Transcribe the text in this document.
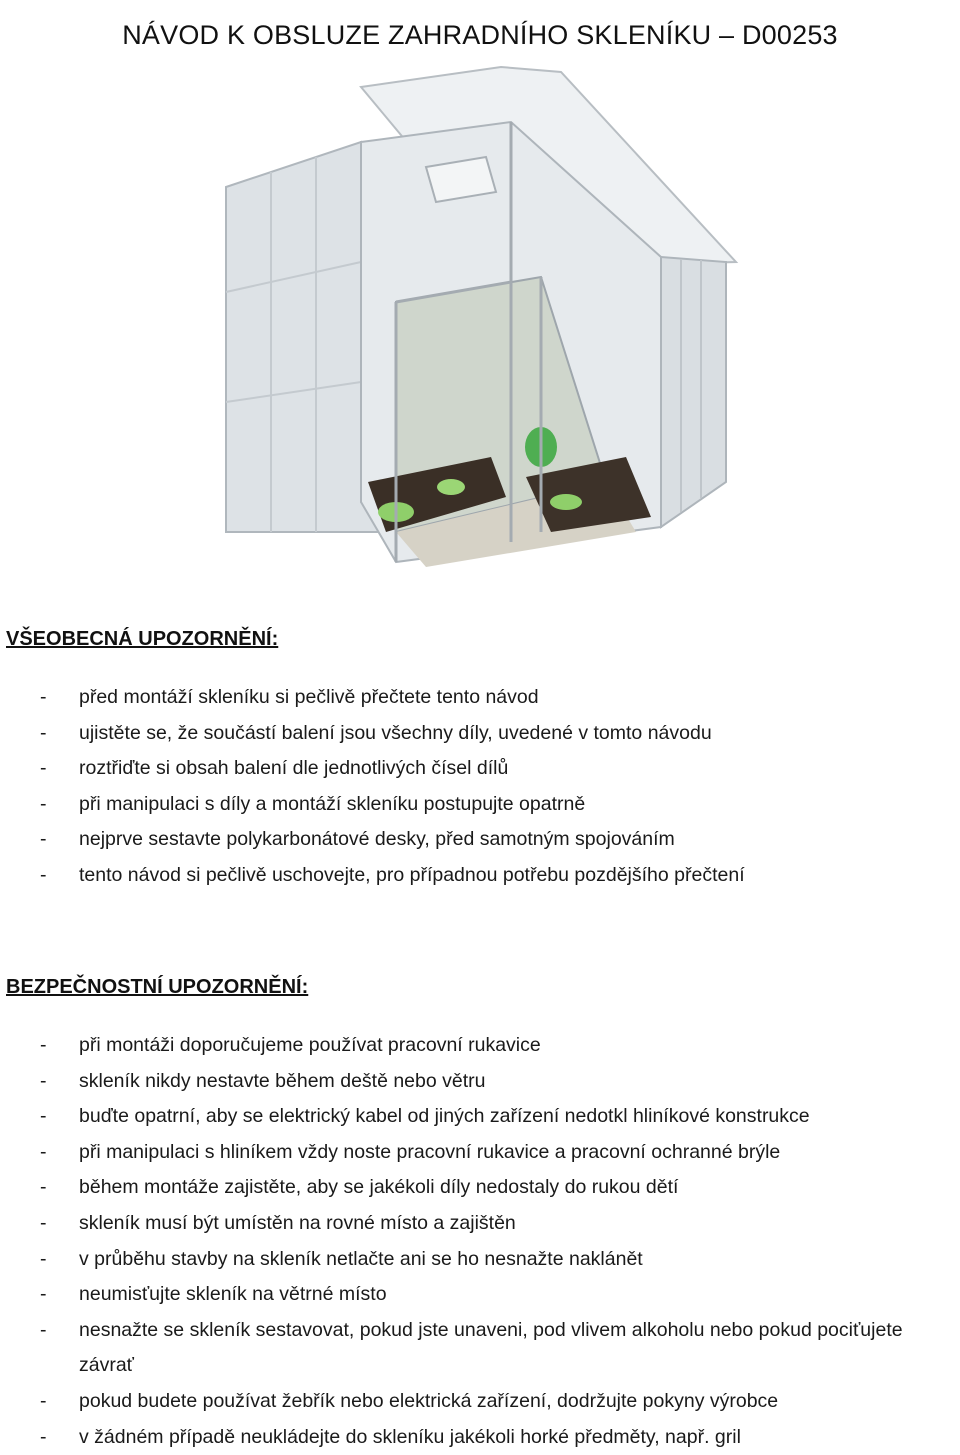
NÁVOD K OBSLUZE ZAHRADNÍHO SKLENÍKU – D00253
VŠEOBECNÁ UPOZORNĚNÍ:
- před montáží skleníku si pečlivě přečtete tento návod

- ujistěte se, že součástí balení jsou všechny díly, uvedené v tomto návodu

- roztřiďte si obsah balení dle jednotlivých čísel dílů

- při manipulaci s díly a montáží skleníku postupujte opatrně

- nejprve sestavte polykarbonátové desky, před samotným spojováním

- tento návod si pečlivě uschovejte, pro případnou potřebu pozdějšího přečtení

BEZPEČNOSTNÍ UPOZORNĚNÍ:
- při montáži doporučujeme používat pracovní rukavice

- skleník nikdy nestavte během deště nebo větru

- buďte opatrní, aby se elektrický kabel od jiných zařízení nedotkl hliníkové konstrukce

- při manipulaci s hliníkem vždy noste pracovní rukavice a pracovní ochranné brýle

- během montáže zajistěte, aby se jakékoli díly nedostaly do rukou dětí

- skleník musí být umístěn na rovné místo a zajištěn

- v průběhu stavby na skleník netlačte ani se ho nesnažte naklánět

- neumisťujte skleník na větrné místo

- nesnažte se skleník sestavovat, pokud jste unaveni, pod vlivem alkoholu nebo pokud pociťujete závrať

- pokud budete používat žebřík nebo elektrická zařízení, dodržujte pokyny výrobce

- v žádném případě neukládejte do skleníku jakékoli horké předměty, např. gril
